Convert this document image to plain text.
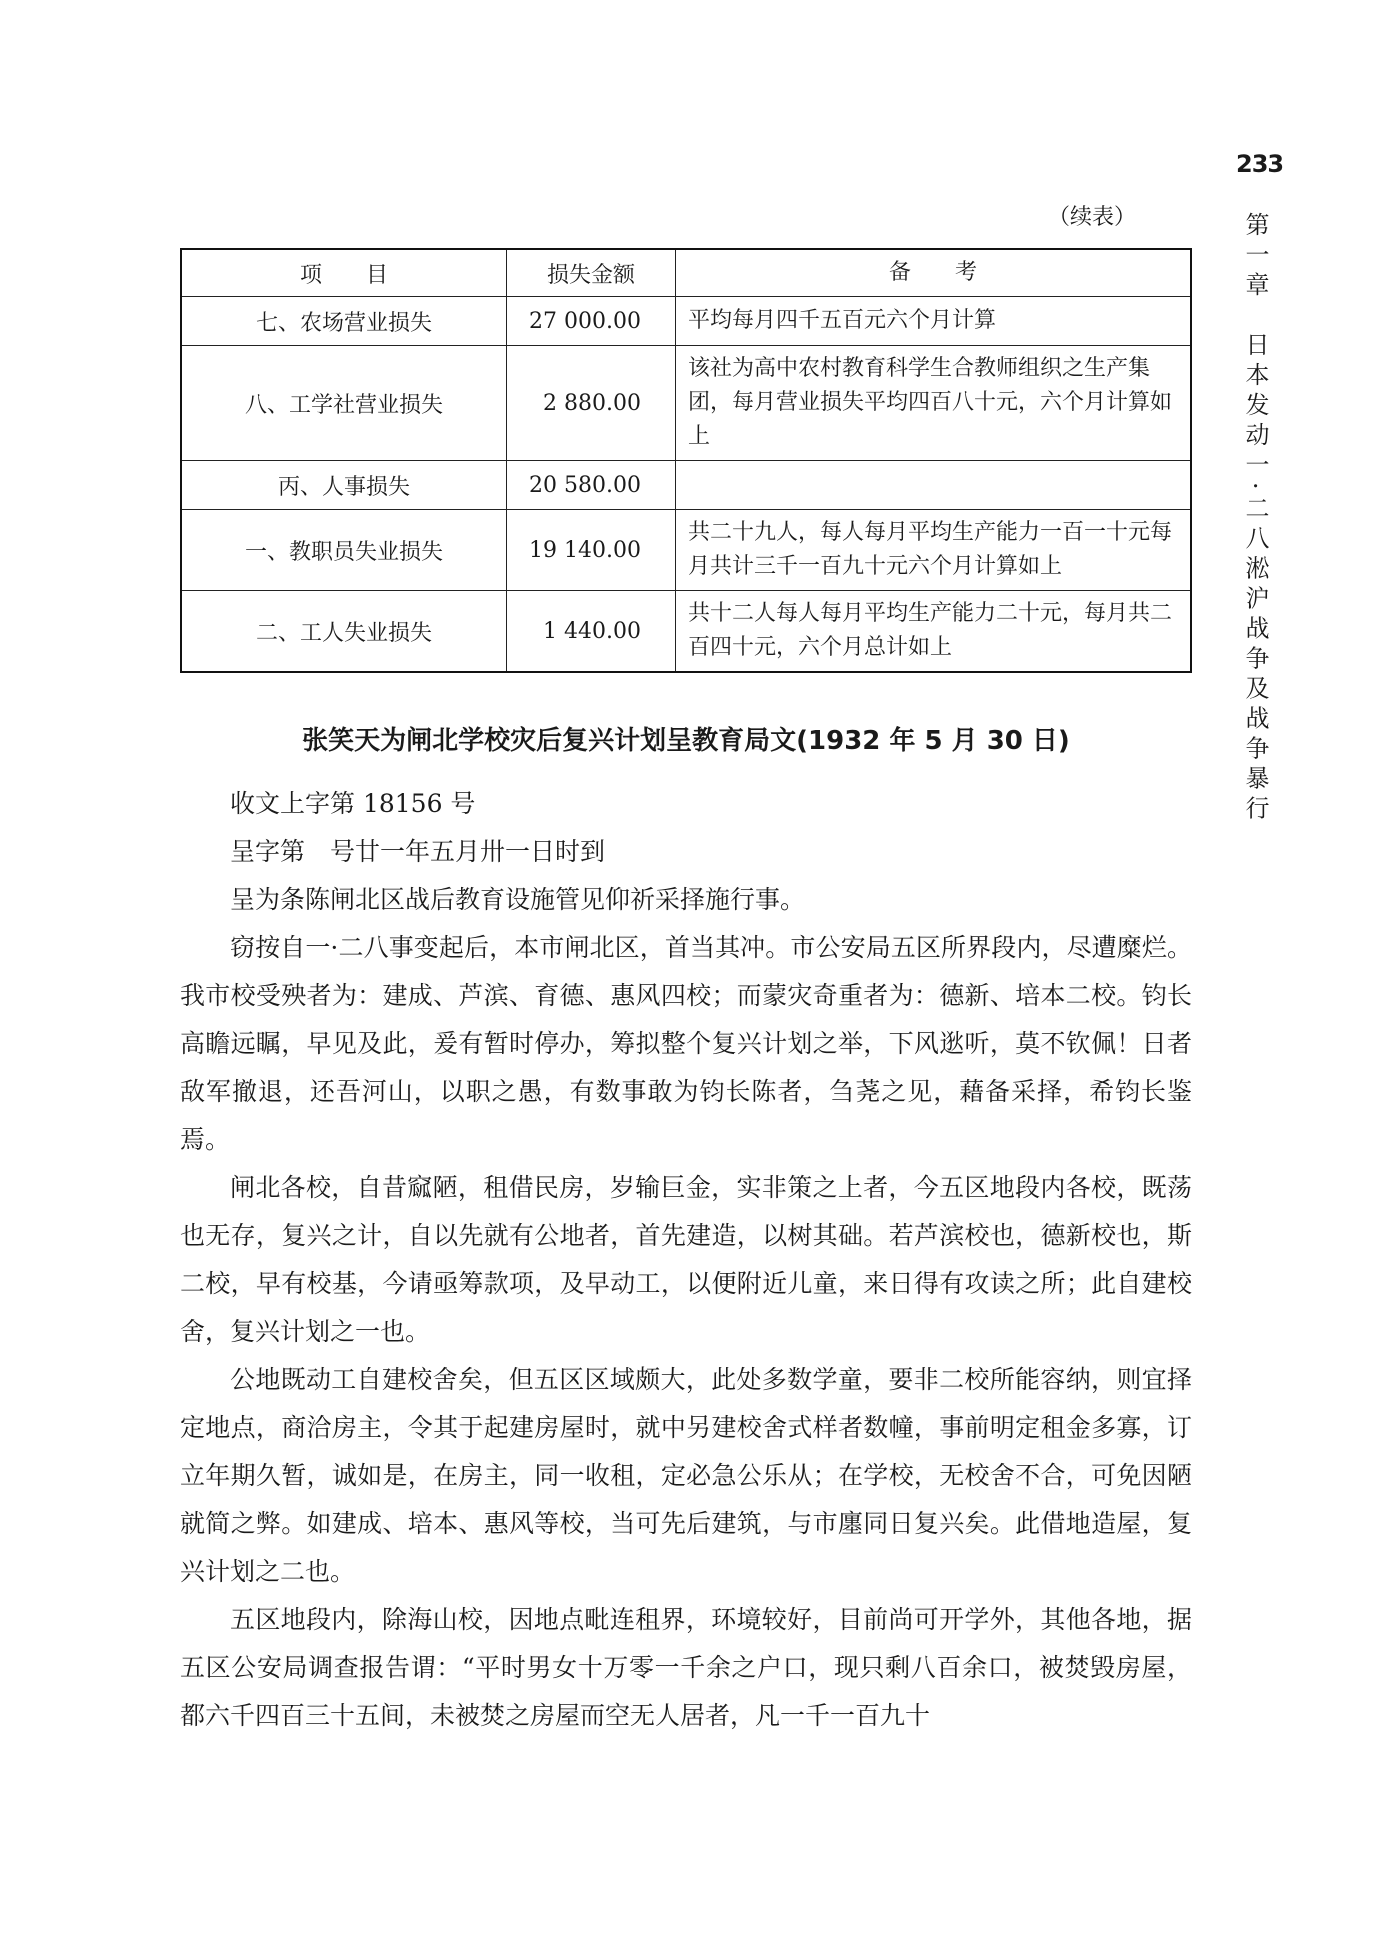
233
第一章　日本发动一·二八淞沪战争及战争暴行
（续表）
项　　目	损失金额	备　　考
七、农场营业损失	27 000.00	平均每月四千五百元六个月计算
八、工学社营业损失	2 880.00	该社为高中农村教育科学生合教师组织之生产集团，每月营业损失平均四百八十元，六个月计算如上
丙、人事损失	20 580.00	
一、教职员失业损失	19 140.00	共二十九人，每人每月平均生产能力一百一十元每月共计三千一百九十元六个月计算如上
二、工人失业损失	1 440.00	共十二人每人每月平均生产能力二十元，每月共二百四十元，六个月总计如上
张笑天为闸北学校灾后复兴计划呈教育局文(1932 年 5 月 30 日)

收文上字第 18156 号

呈字第　号廿一年五月卅一日时到

呈为条陈闸北区战后教育设施管见仰祈采择施行事。

窃按自一·二八事变起后，本市闸北区，首当其冲。市公安局五区所界段内，尽遭糜烂。我市校受殃者为：建成、芦滨、育德、惠风四校；而蒙灾奇重者为：德新、培本二校。钧长高瞻远瞩，早见及此，爰有暂时停办，筹拟整个复兴计划之举，下风逖听，莫不钦佩！日者敌军撤退，还吾河山，以职之愚，有数事敢为钧长陈者，刍荛之见，藉备采择，希钧长鉴焉。

闸北各校，自昔窳陋，租借民房，岁输巨金，实非策之上者，今五区地段内各校，既荡也无存，复兴之计，自以先就有公地者，首先建造，以树其础。若芦滨校也，德新校也，斯二校，早有校基，今请亟筹款项，及早动工，以便附近儿童，来日得有攻读之所；此自建校舍，复兴计划之一也。

公地既动工自建校舍矣，但五区区域颇大，此处多数学童，要非二校所能容纳，则宜择定地点，商洽房主，令其于起建房屋时，就中另建校舍式样者数幢，事前明定租金多寡，订立年期久暂，诚如是，在房主，同一收租，定必急公乐从；在学校，无校舍不合，可免因陋就简之弊。如建成、培本、惠风等校，当可先后建筑，与市廛同日复兴矣。此借地造屋，复兴计划之二也。

五区地段内，除海山校，因地点毗连租界，环境较好，目前尚可开学外，其他各地，据五区公安局调查报告谓：“平时男女十万零一千余之户口，现只剩八百余口，被焚毁房屋，都六千四百三十五间，未被焚之房屋而空无人居者，凡一千一百九十
